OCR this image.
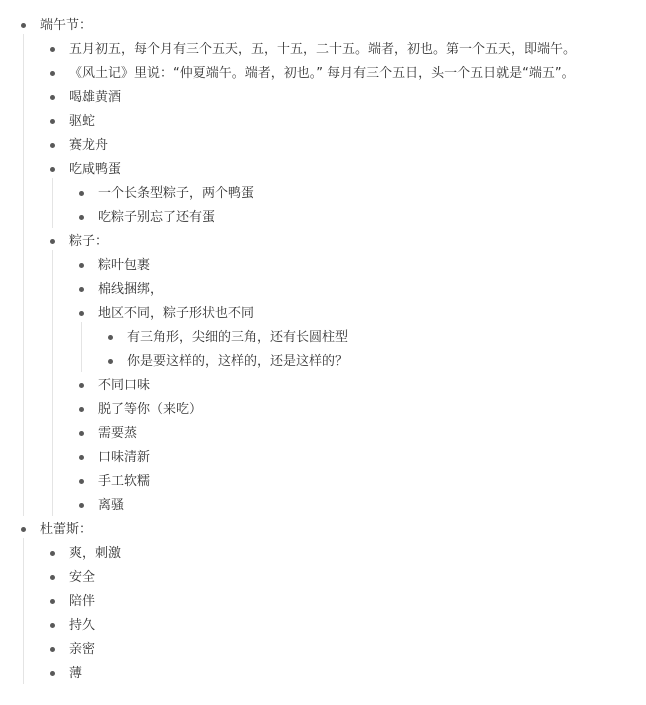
端午节：
五月初五，每个月有三个五天，五，十五，二十五。端者，初也。第一个五天，即端午。
《风土记》里说：“仲夏端午。端者，初也。” 每月有三个五日，头一个五日就是“端五”。
喝雄黄酒
驱蛇
赛龙舟
吃咸鸭蛋
一个长条型粽子，两个鸭蛋
吃粽子别忘了还有蛋
粽子：
粽叶包裹
棉线捆绑，
地区不同，粽子形状也不同
有三角形，尖细的三角，还有长圆柱型
你是要这样的，这样的，还是这样的？
不同口味
脱了等你（来吃）
需要蒸
口味清新
手工软糯
离骚
杜蕾斯：
爽，刺激
安全
陪伴
持久
亲密
薄
